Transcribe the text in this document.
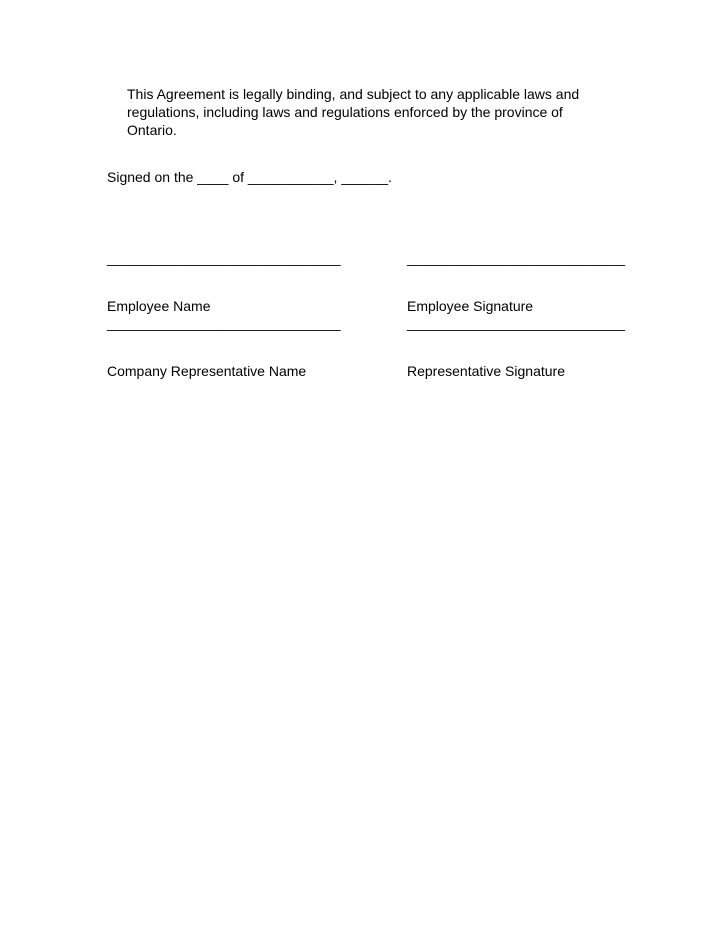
This Agreement is legally binding, and subject to any applicable laws and regulations, including laws and regulations enforced by the province of Ontario.

Signed on the ____ of ___________, ______.

______________________________

Employee Name

____________________________

Employee Signature

______________________________

Company Representative Name

____________________________

Representative Signature
